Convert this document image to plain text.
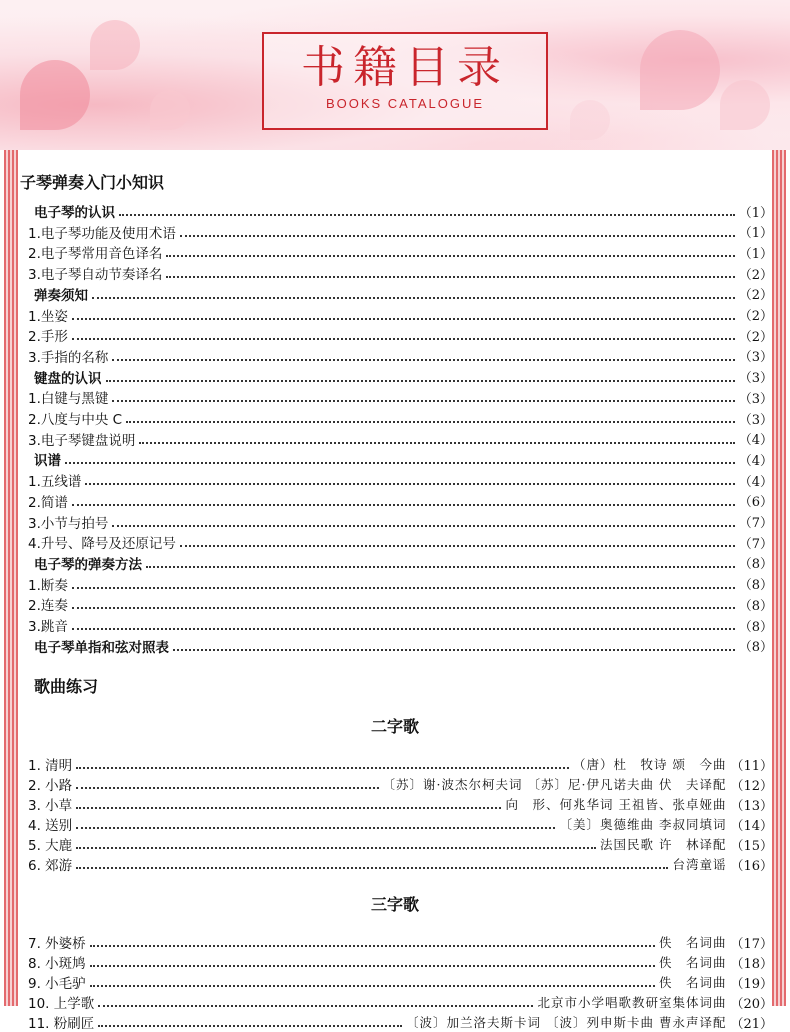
书籍目录
BOOKS CATALOGUE
子琴弹奏入门小知识
歌曲练习
电子琴的认识	（1）
1.电子琴功能及使用术语	（1）
2.电子琴常用音色译名	（1）
3.电子琴自动节奏译名	（2）
弹奏须知	（2）
1.坐姿	（2）
2.手形	（2）
3.手指的名称	（3）
键盘的认识	（3）
1.白键与黑键	（3）
2.八度与中央 C	（3）
3.电子琴键盘说明	（4）
识谱	（4）
1.五线谱	（4）
2.简谱	（6）
3.小节与拍号	（7）
4.升号、降号及还原记号	（7）
电子琴的弹奏方法	（8）
1.断奏	（8）
2.连奏	（8）
3.跳音	（8）
电子琴单指和弦对照表	（8）
二字歌
1. 清明	（唐）杜　牧诗 颂　今曲 （11）
2. 小路	〔苏〕谢·波杰尔柯夫词 〔苏〕尼·伊凡诺夫曲 伏　夫译配 （12）
3. 小草	向　形、何兆华词 王祖皆、张卓娅曲 （13）
4. 送别	〔美〕奥德维曲 李叔同填词 （14）
5. 大鹿	法国民歌 许　林译配 （15）
6. 郊游	台湾童谣 （16）
三字歌
7. 外婆桥	佚　名词曲 （17）
8. 小斑鸠	佚　名词曲 （18）
9. 小毛驴	佚　名词曲 （19）
10. 上学歌	北京市小学唱歌教研室集体词曲 （20）
11. 粉刷匠	〔波〕加兰洛夫斯卡词 〔波〕列申斯卡曲 曹永声译配 （21）
